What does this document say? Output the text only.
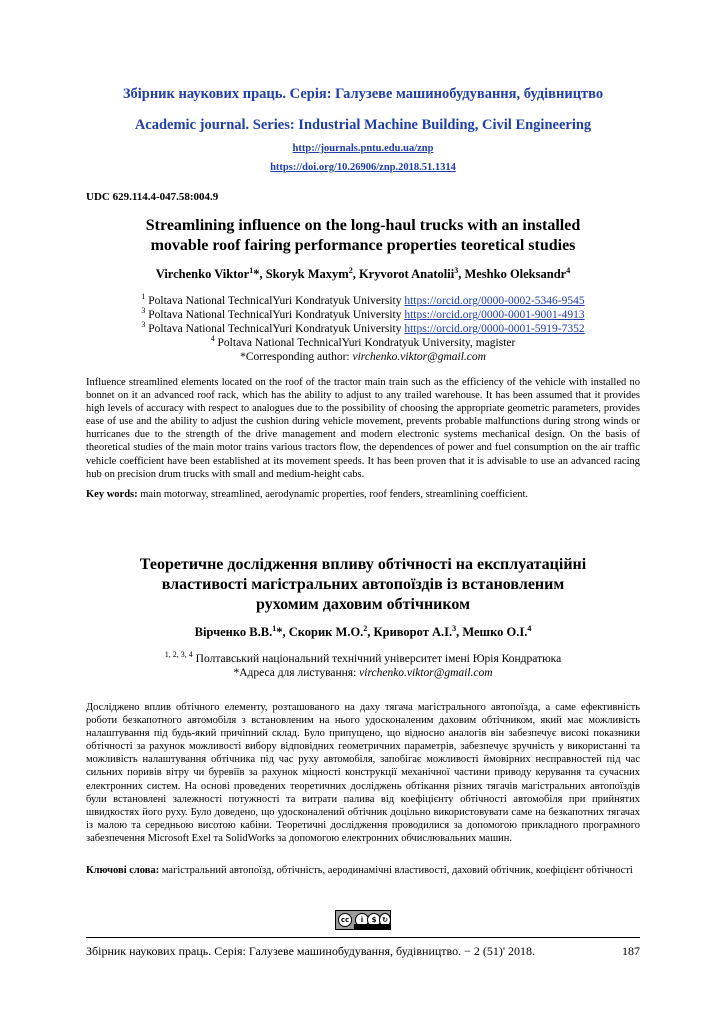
Збірник наукових праць. Серія: Галузеве машинобудування, будівництво
Academic journal. Series: Industrial Machine Building, Civil Engineering
http://journals.pntu.edu.ua/znp
https://doi.org/10.26906/znp.2018.51.1314
UDC 629.114.4-047.58:004.9
Streamlining influence on the long-haul trucks with an installed
movable roof fairing performance properties teoretical studies
Virchenko Viktor$^1$*, Skoryk Maxym$^2$, Kryvorot Anatolii$^3$, Meshko Oleksandr$^4$
$^1$ Poltava National TechnicalYuri Kondratyuk University https://orcid.org/0000-0002-5346-9545
$^3$ Poltava National TechnicalYuri Kondratyuk University https://orcid.org/0000-0001-9001-4913
$^3$ Poltava National TechnicalYuri Kondratyuk University https://orcid.org/0000-0001-5919-7352
$^4$ Poltava National TechnicalYuri Kondratyuk University, magister
*Corresponding author: virchenko.viktor@gmail.com
Influence streamlined elements located on the roof of the tractor main train such as the efficiency of the vehicle with installed no bonnet on it an advanced roof rack, which has the ability to adjust to any trailed warehouse. It has been assumed that it provides high levels of accuracy with respect to analogues due to the possibility of choosing the appropriate geometric parameters, provides ease of use and the ability to adjust the cushion during vehicle movement, prevents probable malfunctions during strong winds or hurricanes due to the strength of the drive management and modern electronic systems mechanical design. On the basis of theoretical studies of the main motor trains various tractors flow, the dependences of power and fuel consumption on the air traffic vehicle coefficient have been established at its movement speeds. It has been proven that it is advisable to use an advanced racing hub on precision drum trucks with small and medium-height cabs.
Key words: main motorway, streamlined, aerodynamic properties, roof fenders, streamlining coefficient.
Теоретичне дослідження впливу обтічності на експлуатаційні
властивості магістральних автопоїздів із встановленим
рухомим даховим обтічником
Вірченко В.В.$^1$*, Скорик М.О.$^2$, Криворот А.І.$^3$, Мешко О.І.$^4$
$^{1, 2, 3, 4}$ Полтавський національний технічний університет імені Юрія Кондратюка
*Адреса для листування: virchenko.viktor@gmail.com
Досліджено вплив обтічного елементу, розташованого на даху тягача магістрального автопоїзда, а саме ефективність роботи безкапотного автомобіля з встановленим на нього удосконаленим даховим обтічником, який має можливість налаштування під будь-який причіпний склад. Було припущено, що відносно аналогів він забезпечує високі показники обтічності за рахунок можливості вибору відповідних геометричних параметрів, забезпечує зручність у використанні та можливість налаштування обтічника під час руху автомобіля, запобігає можливості ймовірних несправностей під час сильних поривів вітру чи буревіїв за рахунок міцності конструкції механічної частини приводу керування та сучасних електронних систем. На основі проведених теоретичних досліджень обтікання різних тягачів магістральних автопоїздів були встановлені залежності потужності та витрати палива від коефіцієнту обтічності автомобіля при прийнятих швидкостях його руху. Було доведено, що удосконалений обтічник доцільно використовувати саме на безкапотних тягачах із малою та середньою висотою кабіни. Теоретичні дослідження проводилися за допомогою прикладного програмного забезпечення Microsoft Exel та SolidWorks за допомогою електронних обчислювальних машин.
Ключові слова: магістральний автопоїзд, обтічність, аеродинамічні властивості, даховий обтічник, коефіцієнт обтічності
cc	i	$ ↻
Збірник наукових праць. Серія: Галузеве машинобудування, будівництво. − 2 (51)' 2018.	187
